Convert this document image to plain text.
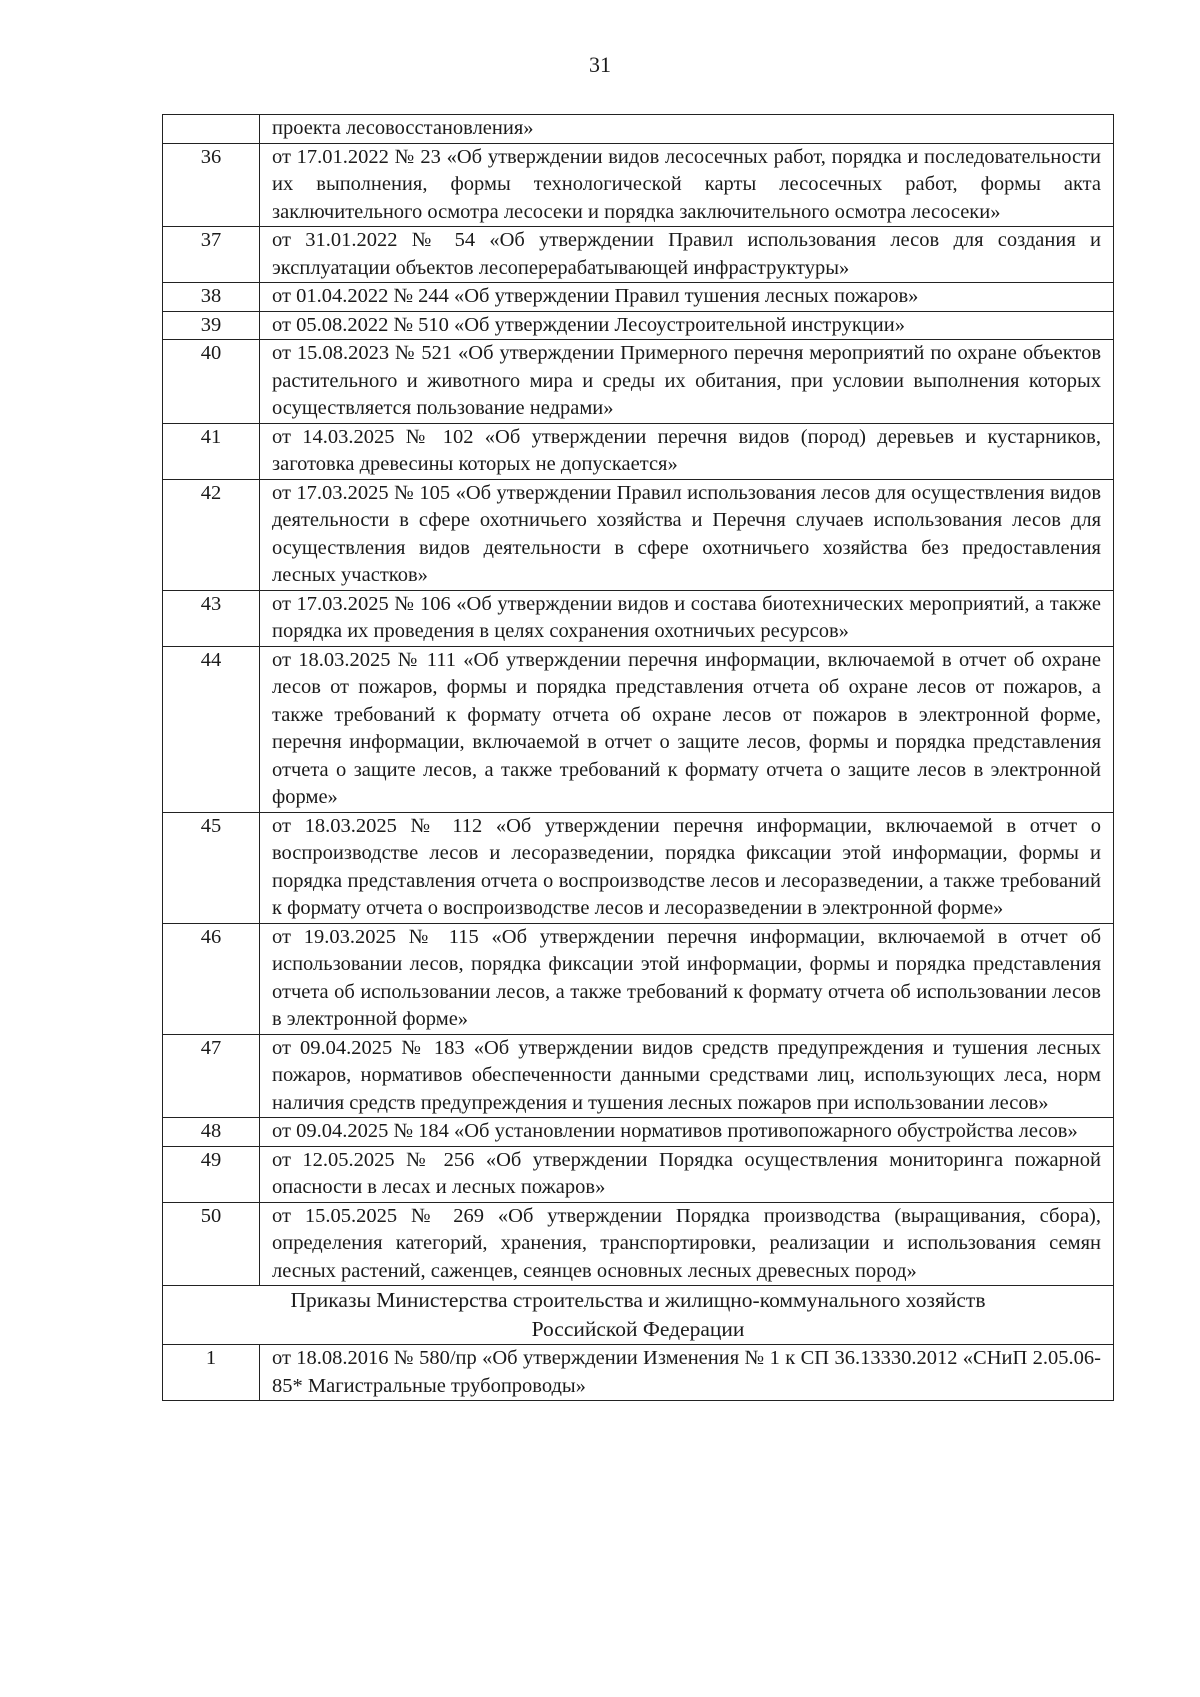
31
	проекта лесовосстановления»
36	от 17.01.2022 № 23 «Об утверждении видов лесосечных работ, порядка и последовательности их выполнения, формы технологической карты лесосечных работ, формы акта заключительного осмотра лесосеки и порядка заключительного осмотра лесосеки»
37	от 31.01.2022 № 54 «Об утверждении Правил использования лесов для создания и эксплуатации объектов лесоперерабатывающей инфраструктуры»
38	от 01.04.2022 № 244 «Об утверждении Правил тушения лесных пожаров»
39	от 05.08.2022 № 510 «Об утверждении Лесоустроительной инструкции»
40	от 15.08.2023 № 521 «Об утверждении Примерного перечня мероприятий по охране объектов растительного и животного мира и среды их обитания, при условии выполнения которых осуществляется пользование недрами»
41	от 14.03.2025 № 102 «Об утверждении перечня видов (пород) деревьев и кустарников, заготовка древесины которых не допускается»
42	от 17.03.2025 № 105 «Об утверждении Правил использования лесов для осуществления видов деятельности в сфере охотничьего хозяйства и Перечня случаев использования лесов для осуществления видов деятельности в сфере охотничьего хозяйства без предоставления лесных участков»
43	от 17.03.2025 № 106 «Об утверждении видов и состава биотехнических мероприятий, а также порядка их проведения в целях сохранения охотничьих ресурсов»
44	от 18.03.2025 № 111 «Об утверждении перечня информации, включаемой в отчет об охране лесов от пожаров, формы и порядка представления отчета об охране лесов от пожаров, а также требований к формату отчета об охране лесов от пожаров в электронной форме, перечня информации, включаемой в отчет о защите лесов, формы и порядка представления отчета о защите лесов, а также требований к формату отчета о защите лесов в электронной форме»
45	от 18.03.2025 № 112 «Об утверждении перечня информации, включаемой в отчет о воспроизводстве лесов и лесоразведении, порядка фиксации этой информации, формы и порядка представления отчета о воспроизводстве лесов и лесоразведении, а также требований к формату отчета о воспроизводстве лесов и лесоразведении в электронной форме»
46	от 19.03.2025 № 115 «Об утверждении перечня информации, включаемой в отчет об использовании лесов, порядка фиксации этой информации, формы и порядка представления отчета об использовании лесов, а также требований к формату отчета об использовании лесов в электронной форме»
47	от 09.04.2025 № 183 «Об утверждении видов средств предупреждения и тушения лесных пожаров, нормативов обеспеченности данными средствами лиц, использующих леса, норм наличия средств предупреждения и тушения лесных пожаров при использовании лесов»
48	от 09.04.2025 № 184 «Об установлении нормативов противопожарного обустройства лесов»
49	от 12.05.2025 № 256 «Об утверждении Порядка осуществления мониторинга пожарной опасности в лесах и лесных пожаров»
50	от 15.05.2025 № 269 «Об утверждении Порядка производства (выращивания, сбора), определения категорий, хранения, транспортировки, реализации и использования семян лесных растений, саженцев, сеянцев основных лесных древесных пород»
Приказы Министерства строительства и жилищно-коммунального хозяйств
Российской Федерации	
1	от 18.08.2016 № 580/пр «Об утверждении Изменения № 1 к СП 36.13330.2012 «СНиП 2.05.06-85* Магистральные трубопроводы»
